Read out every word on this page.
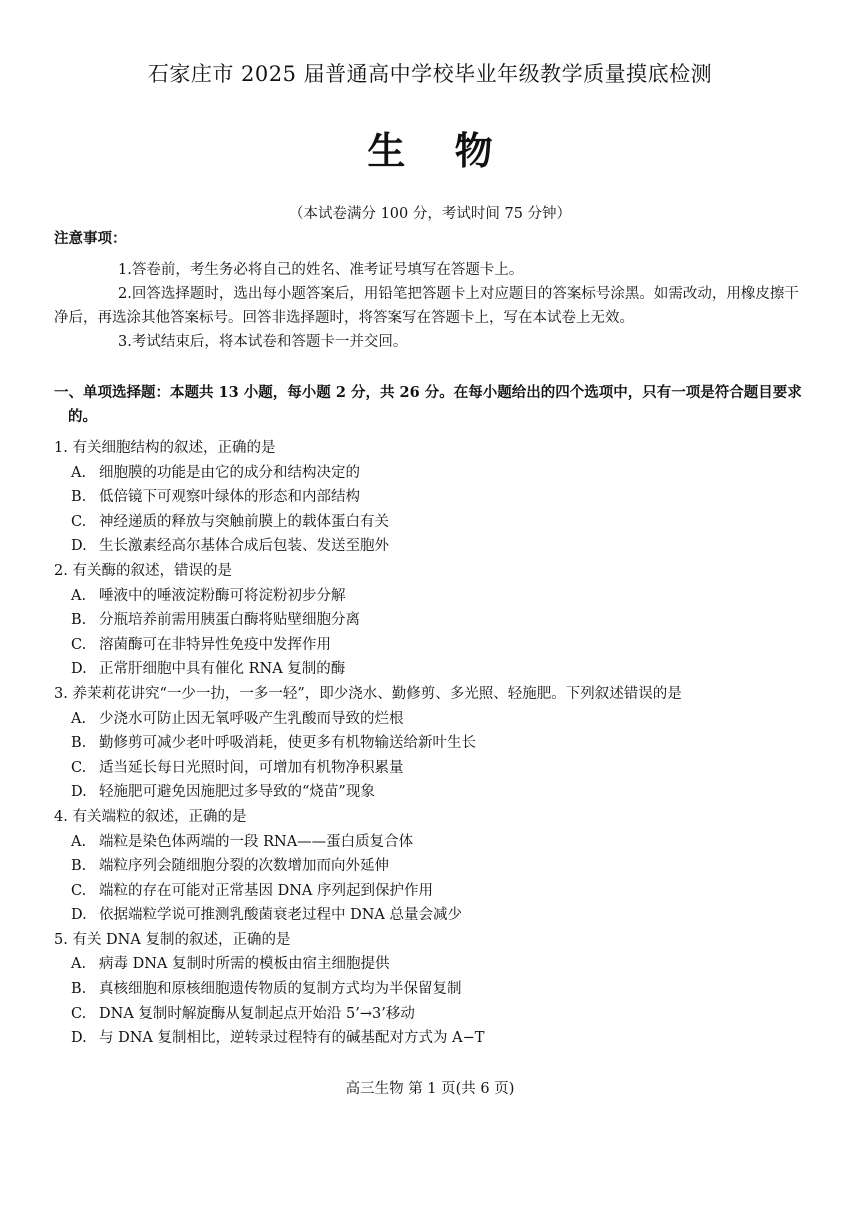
石家庄市 2025 届普通高中学校毕业年级教学质量摸底检测
生 物
（本试卷满分 100 分，考试时间 75 分钟）
注意事项：

1.答卷前，考生务必将自己的姓名、准考证号填写在答题卡上。

2.回答选择题时，选出每小题答案后，用铅笔把答题卡上对应题目的答案标号涂黑。如需改动，用橡皮擦干净后，再选涂其他答案标号。回答非选择题时，将答案写在答题卡上，写在本试卷上无效。

3.考试结束后，将本试卷和答题卡一并交回。

一、单项选择题：本题共 13 小题，每小题 2 分，共 26 分。在每小题给出的四个选项中，只有一项是符合题目要求的。

1. 有关细胞结构的叙述，正确的是

A. 细胞膜的功能是由它的成分和结构决定的

B. 低倍镜下可观察叶绿体的形态和内部结构

C. 神经递质的释放与突触前膜上的载体蛋白有关

D. 生长激素经高尔基体合成后包装、发送至胞外

2. 有关酶的叙述，错误的是

A. 唾液中的唾液淀粉酶可将淀粉初步分解

B. 分瓶培养前需用胰蛋白酶将贴壁细胞分离

C. 溶菌酶可在非特异性免疫中发挥作用

D. 正常肝细胞中具有催化 RNA 复制的酶

3. 养茉莉花讲究“一少一扐，一多一轻”，即少浇水、勤修剪、多光照、轻施肥。下列叙述错误的是

A. 少浇水可防止因无氧呼吸产生乳酸而导致的烂根

B. 勤修剪可减少老叶呼吸消耗，使更多有机物输送给新叶生长

C. 适当延长每日光照时间，可增加有机物净积累量

D. 轻施肥可避免因施肥过多导致的“烧苗”现象

4. 有关端粒的叙述，正确的是

A. 端粒是染色体两端的一段 RNA——蛋白质复合体

B. 端粒序列会随细胞分裂的次数增加而向外延伸

C. 端粒的存在可能对正常基因 DNA 序列起到保护作用

D. 依据端粒学说可推测乳酸菌衰老过程中 DNA 总量会减少

5. 有关 DNA 复制的叙述，正确的是

A. 病毒 DNA 复制时所需的模板由宿主细胞提供

B. 真核细胞和原核细胞遗传物质的复制方式均为半保留复制

C. DNA 复制时解旋酶从复制起点开始沿 5’→3’移动

D. 与 DNA 复制相比，逆转录过程特有的碱基配对方式为 A−T

高三生物 第 1 页(共 6 页)
